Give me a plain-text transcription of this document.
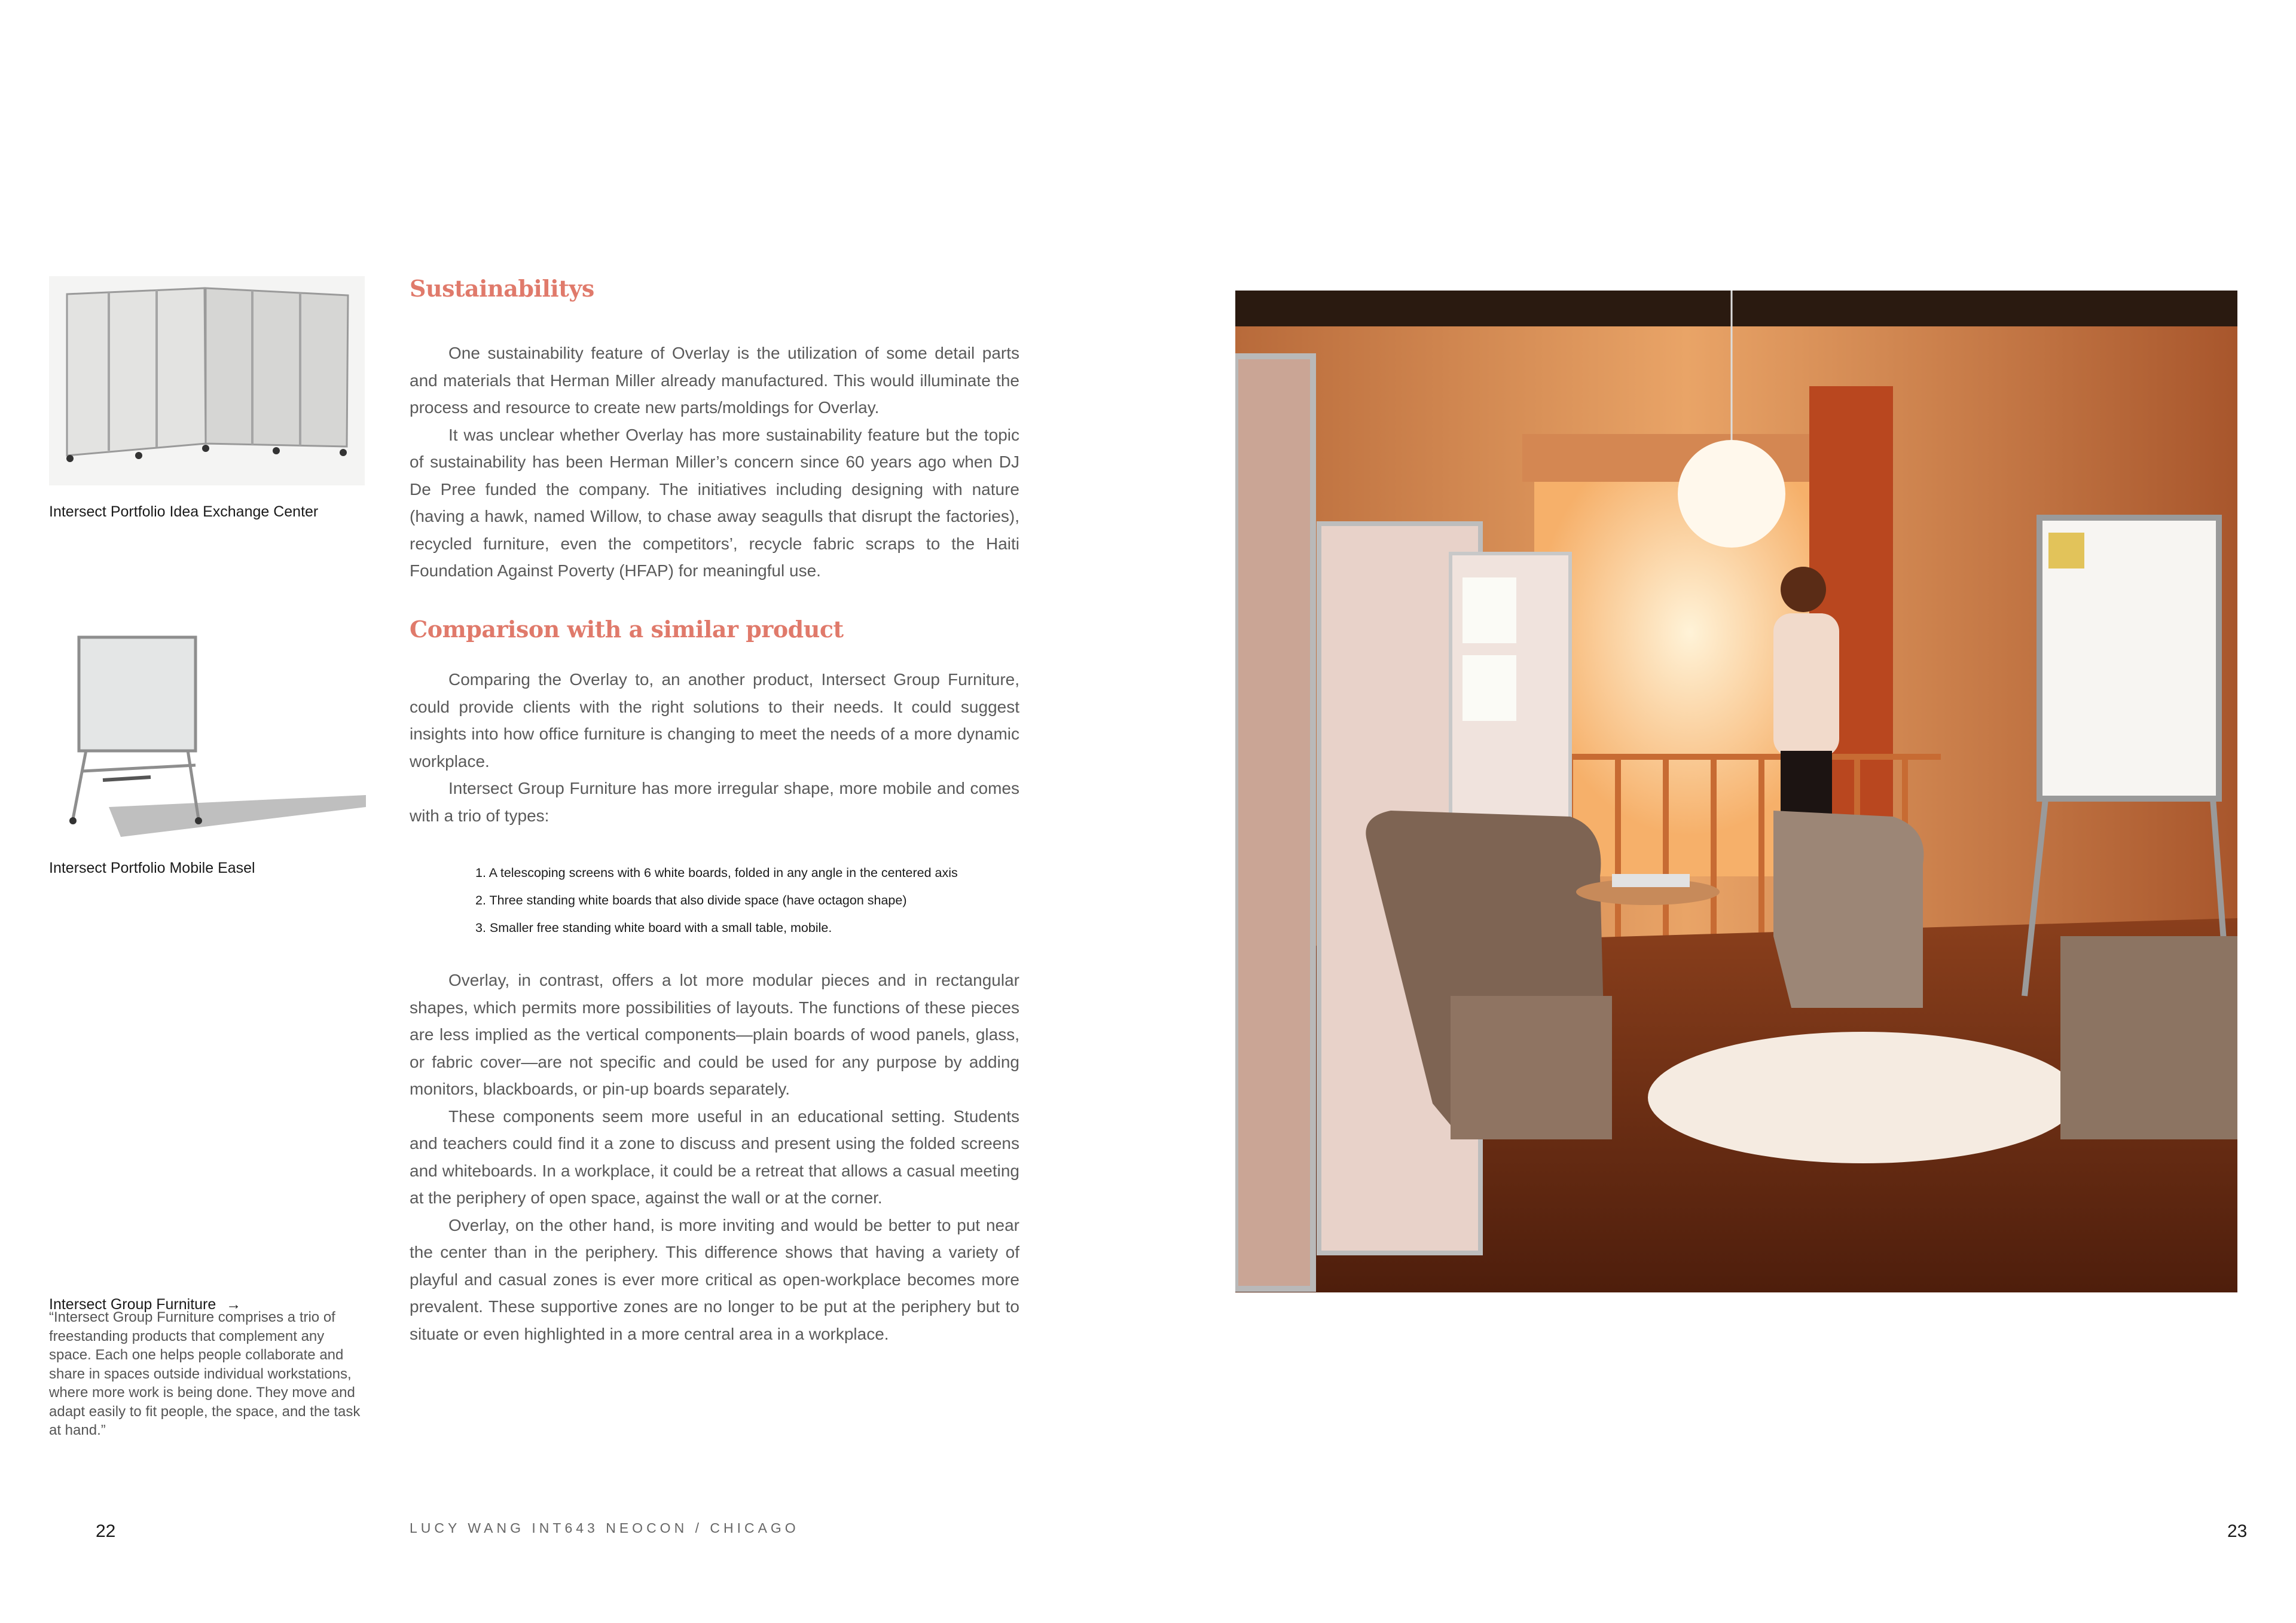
Intersect Portfolio Idea Exchange Center
Intersect Portfolio Mobile Easel
Intersect Group Furniture →
“Intersect Group Furniture comprises a trio of freestanding products that complement any space. Each one helps people collaborate and share in spaces outside individual workstations, where more work is being done. They move and adapt easily to fit people, the space, and the task at hand.”
Sustainabilitys

One sustainability feature of Overlay is the utilization of some detail parts and materials that Herman Miller already manufactured. This would illuminate the process and resource to create new parts/moldings for Overlay.

It was unclear whether Overlay has more sustainability feature but the topic of sustainability has been Herman Miller’s concern since 60 years ago when DJ De Pree funded the company. The initiatives including designing with nature (having a hawk, named Willow, to chase away seagulls that disrupt the factories), recycled furniture, even the competitors’, recycle fabric scraps to the Haiti Foundation Against Poverty (HFAP) for meaningful use.

Comparison with a similar product

Comparing the Overlay to, an another product, Intersect Group Furniture, could provide clients with the right solutions to their needs. It could suggest insights into how office furniture is changing to meet the needs of a more dynamic workplace.

Intersect Group Furniture has more irregular shape, more mobile and comes with a trio of types:

1. A telescoping screens with 6 white boards, folded in any angle in the centered axis
2. Three standing white boards that also divide space (have octagon shape)
3. Smaller free standing white board with a small table, mobile.

Overlay, in contrast, offers a lot more modular pieces and in rectangular shapes, which permits more possibilities of layouts. The functions of these pieces are less implied as the vertical components—plain boards of wood panels, glass, or fabric cover—are not specific and could be used for any purpose by adding monitors, blackboards, or pin-up boards separately.

These components seem more useful in an educational setting. Students and teachers could find it a zone to discuss and present using the folded screens and whiteboards. In a workplace, it could be a retreat that allows a casual meeting at the periphery of open space, against the wall or at the corner.

Overlay, on the other hand, is more inviting and would be better to put near the center than in the periphery. This difference shows that having a variety of playful and casual zones is ever more critical as open-workplace becomes more prevalent. These supportive zones are no longer to be put at the periphery but to situate or even highlighted in a more central area in a workplace.

22	LUCY WANG INT643 NEOCON / CHICAGO	23
